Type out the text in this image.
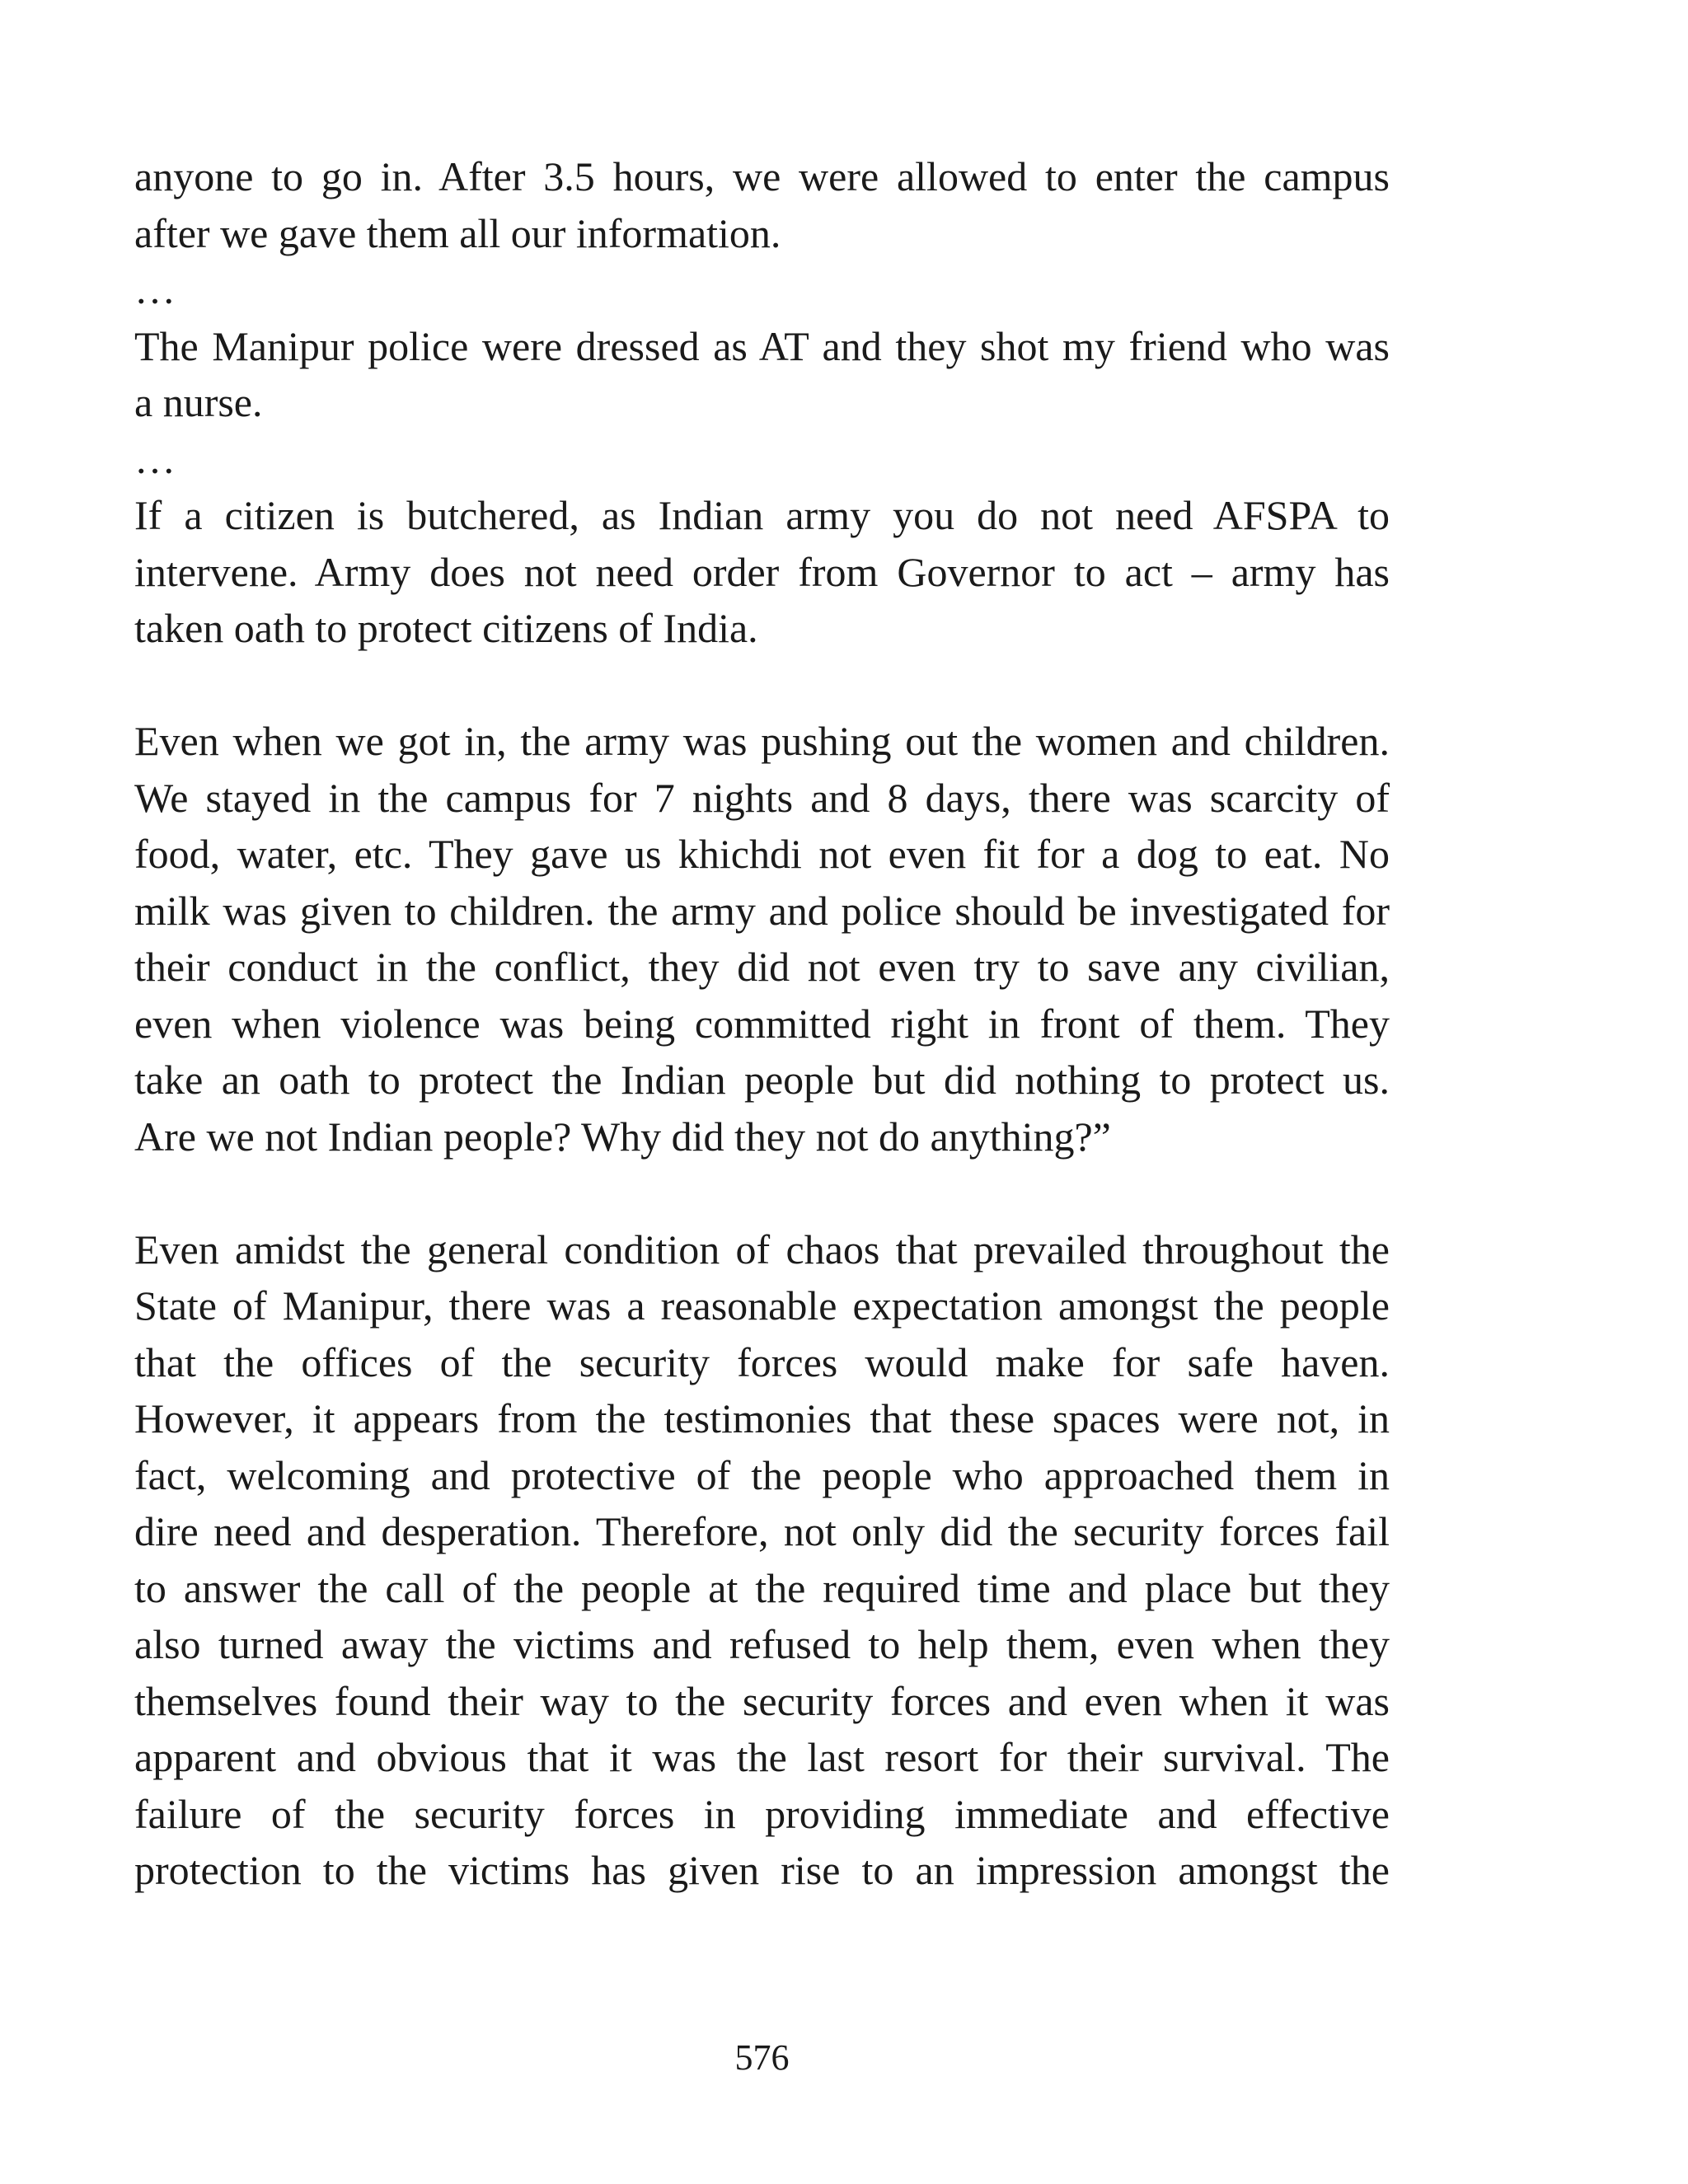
anyone to go in. After 3.5 hours, we were allowed to enter the campus
after we gave them all our information.
…
The Manipur police were dressed as AT and they shot my friend who was
a nurse.
…
If a citizen is butchered, as Indian army you do not need AFSPA to
intervene. Army does not need order from Governor to act – army has
taken oath to protect citizens of India.
Even when we got in, the army was pushing out the women and children.
We stayed in the campus for 7 nights and 8 days, there was scarcity of
food, water, etc. They gave us khichdi not even fit for a dog to eat. No
milk was given to children. the army and police should be investigated for
their conduct in the conflict, they did not even try to save any civilian,
even when violence was being committed right in front of them. They
take an oath to protect the Indian people but did nothing to protect us.
Are we not Indian people? Why did they not do anything?”
Even amidst the general condition of chaos that prevailed throughout the
State of Manipur, there was a reasonable expectation amongst the people
that the offices of the security forces would make for safe haven.
However, it appears from the testimonies that these spaces were not, in
fact, welcoming and protective of the people who approached them in
dire need and desperation. Therefore, not only did the security forces fail
to answer the call of the people at the required time and place but they
also turned away the victims and refused to help them, even when they
themselves found their way to the security forces and even when it was
apparent and obvious that it was the last resort for their survival. The
failure of the security forces in providing immediate and effective
protection to the victims has given rise to an impression amongst the
576
